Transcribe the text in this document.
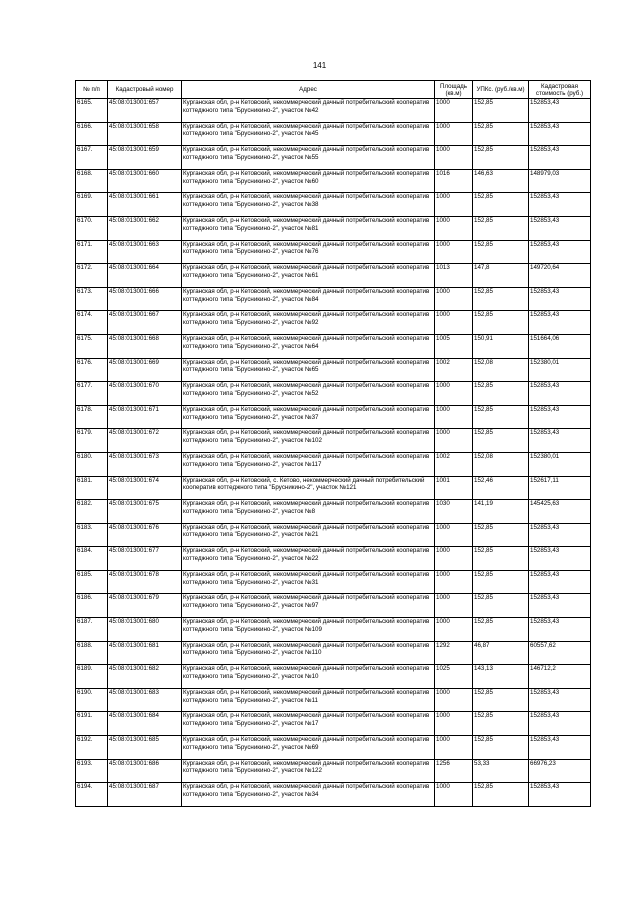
141
№ п/п	Кадастровый номер	Адрес	Площадь (кв.м)	УПКс. (руб./кв.м)	Кадастровая стоимость (руб.)
6165.	45:08:013001:657	Курганская обл, р-н Кетовский, некоммерческий дачный потребительский кооператив коттеджного типа "Брусникино-2", участок №42	1000	152,85	152853,43
6166.	45:08:013001:658	Курганская обл, р-н Кетовский, некоммерческий дачный потребительский кооператив коттеджного типа "Брусникино-2", участок №45	1000	152,85	152853,43
6167.	45:08:013001:659	Курганская обл, р-н Кетовский, некоммерческий дачный потребительский кооператив коттеджного типа "Брусникино-2", участок №55	1000	152,85	152853,43
6168.	45:08:013001:660	Курганская обл, р-н Кетовский, некоммерческий дачный потребительский кооператив коттеджного типа "Брусникино-2", участок №60	1016	146,63	148979,03
6169.	45:08:013001:661	Курганская обл, р-н Кетовский, некоммерческий дачный потребительский кооператив коттеджного типа "Брусникино-2", участок №38	1000	152,85	152853,43
6170.	45:08:013001:662	Курганская обл, р-н Кетовский, некоммерческий дачный потребительский кооператив коттеджного типа "Брусникино-2", участок №81	1000	152,85	152853,43
6171.	45:08:013001:663	Курганская обл, р-н Кетовский, некоммерческий дачный потребительский кооператив коттеджного типа "Брусникино-2", участок №76	1000	152,85	152853,43
6172.	45:08:013001:664	Курганская обл, р-н Кетовский, некоммерческий дачный потребительский кооператив коттеджного типа "Брусникино-2", участок №61	1013	147,8	149720,64
6173.	45:08:013001:666	Курганская обл, р-н Кетовский, некоммерческий дачный потребительский кооператив коттеджного типа "Брусникино-2", участок №84	1000	152,85	152853,43
6174.	45:08:013001:667	Курганская обл, р-н Кетовский, некоммерческий дачный потребительский кооператив коттеджного типа "Брусникино-2", участок №92	1000	152,85	152853,43
6175.	45:08:013001:668	Курганская обл, р-н Кетовский, некоммерческий дачный потребительский кооператив коттеджного типа "Брусникино-2", участок №64	1005	150,91	151664,06
6176.	45:08:013001:669	Курганская обл, р-н Кетовский, некоммерческий дачный потребительский кооператив коттеджного типа "Брусникино-2", участок №65	1002	152,08	152380,01
6177.	45:08:013001:670	Курганская обл, р-н Кетовский, некоммерческий дачный потребительский кооператив коттеджного типа "Брусникино-2", участок №52	1000	152,85	152853,43
6178.	45:08:013001:671	Курганская обл, р-н Кетовский, некоммерческий дачный потребительский кооператив коттеджного типа "Брусникино-2", участок №37	1000	152,85	152853,43
6179.	45:08:013001:672	Курганская обл, р-н Кетовский, некоммерческий дачный потребительский кооператив коттеджного типа "Брусникино-2", участок №102	1000	152,85	152853,43
6180.	45:08:013001:673	Курганская обл, р-н Кетовский, некоммерческий дачный потребительский кооператив коттеджного типа "Брусникино-2", участок №117	1002	152,08	152380,01
6181.	45:08:013001:674	Курганская обл, р-н Кетовский, с. Кетово, некоммерческий дачный потребительский кооператив коттеджного типа "Брусникино-2", участок №121	1001	152,46	152617,11
6182.	45:08:013001:675	Курганская обл, р-н Кетовский, некоммерческий дачный потребительский кооператив коттеджного типа "Брусникино-2", участок №8	1030	141,19	145425,63
6183.	45:08:013001:676	Курганская обл, р-н Кетовский, некоммерческий дачный потребительский кооператив коттеджного типа "Брусникино-2", участок №21	1000	152,85	152853,43
6184.	45:08:013001:677	Курганская обл, р-н Кетовский, некоммерческий дачный потребительский кооператив коттеджного типа "Брусникино-2", участок №22	1000	152,85	152853,43
6185.	45:08:013001:678	Курганская обл, р-н Кетовский, некоммерческий дачный потребительский кооператив коттеджного типа "Брусникино-2", участок №31	1000	152,85	152853,43
6186.	45:08:013001:679	Курганская обл, р-н Кетовский, некоммерческий дачный потребительский кооператив коттеджного типа "Брусникино-2", участок №97	1000	152,85	152853,43
6187.	45:08:013001:680	Курганская обл, р-н Кетовский, некоммерческий дачный потребительский кооператив коттеджного типа "Брусникино-2", участок №109	1000	152,85	152853,43
6188.	45:08:013001:681	Курганская обл, р-н Кетовский, некоммерческий дачный потребительский кооператив коттеджного типа "Брусникино-2", участок №110	1292	46,87	60557,62
6189.	45:08:013001:682	Курганская обл, р-н Кетовский, некоммерческий дачный потребительский кооператив коттеджного типа "Брусникино-2", участок №10	1025	143,13	146712,2
6190.	45:08:013001:683	Курганская обл, р-н Кетовский, некоммерческий дачный потребительский кооператив коттеджного типа "Брусникино-2", участок №11	1000	152,85	152853,43
6191.	45:08:013001:684	Курганская обл, р-н Кетовский, некоммерческий дачный потребительский кооператив коттеджного типа "Брусникино-2", участок №17	1000	152,85	152853,43
6192.	45:08:013001:685	Курганская обл, р-н Кетовский, некоммерческий дачный потребительский кооператив коттеджного типа "Брусникино-2", участок №69	1000	152,85	152853,43
6193.	45:08:013001:686	Курганская обл, р-н Кетовский, некоммерческий дачный потребительский кооператив коттеджного типа "Брусникино-2", участок №122	1256	53,33	66976,23
6194.	45:08:013001:687	Курганская обл, р-н Кетовский, некоммерческий дачный потребительский кооператив коттеджного типа "Брусникино-2", участок №34	1000	152,85	152853,43
